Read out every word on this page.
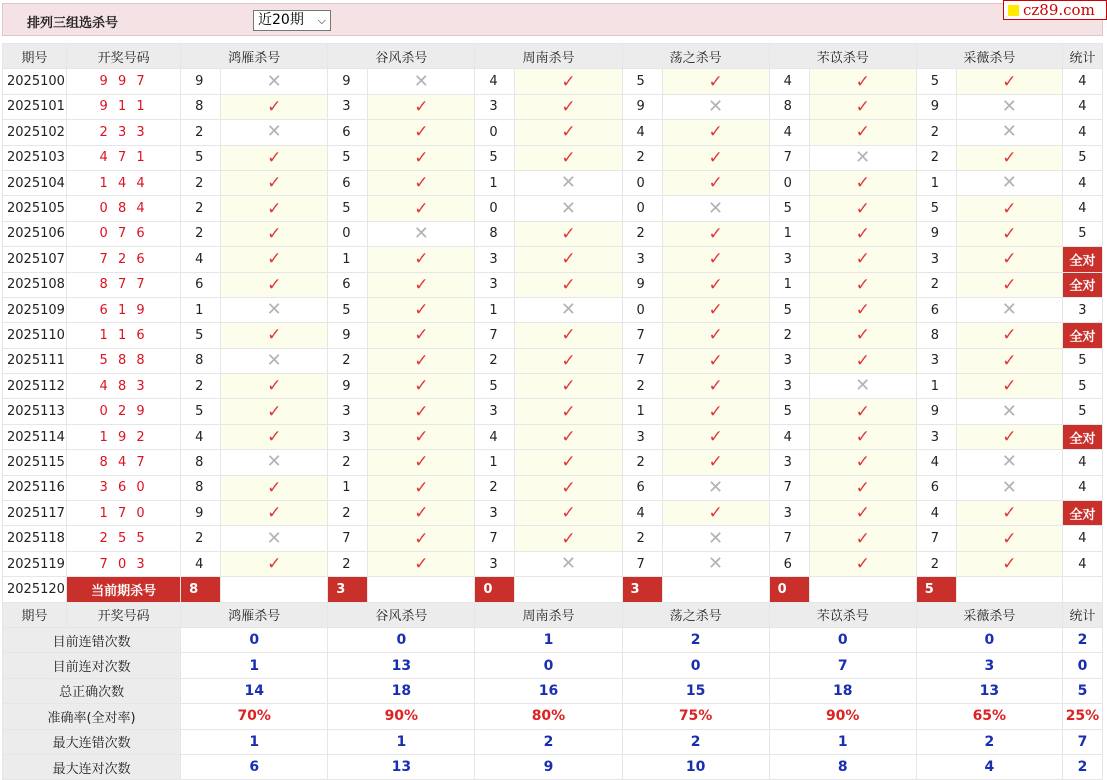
排列三组选杀号	近20期 ⌵
cz89.com
期号	开奖号码	鸿雁杀号		谷风杀号		周南杀号		荡之杀号		芣苡杀号		采薇杀号		统计
2025100	9 9 7	9	✕	9	✕	4	✓	5	✓	4	✓	5	✓	4
2025101	9 1 1	8	✓	3	✓	3	✓	9	✕	8	✓	9	✕	4
2025102	2 3 3	2	✕	6	✓	0	✓	4	✓	4	✓	2	✕	4
2025103	4 7 1	5	✓	5	✓	5	✓	2	✓	7	✕	2	✓	5
2025104	1 4 4	2	✓	6	✓	1	✕	0	✓	0	✓	1	✕	4
2025105	0 8 4	2	✓	5	✓	0	✕	0	✕	5	✓	5	✓	4
2025106	0 7 6	2	✓	0	✕	8	✓	2	✓	1	✓	9	✓	5
2025107	7 2 6	4	✓	1	✓	3	✓	3	✓	3	✓	3	✓	全对
2025108	8 7 7	6	✓	6	✓	3	✓	9	✓	1	✓	2	✓	全对
2025109	6 1 9	1	✕	5	✓	1	✕	0	✓	5	✓	6	✕	3
2025110	1 1 6	5	✓	9	✓	7	✓	7	✓	2	✓	8	✓	全对
2025111	5 8 8	8	✕	2	✓	2	✓	7	✓	3	✓	3	✓	5
2025112	4 8 3	2	✓	9	✓	5	✓	2	✓	3	✕	1	✓	5
2025113	0 2 9	5	✓	3	✓	3	✓	1	✓	5	✓	9	✕	5
2025114	1 9 2	4	✓	3	✓	4	✓	3	✓	4	✓	3	✓	全对
2025115	8 4 7	8	✕	2	✓	1	✓	2	✓	3	✓	4	✕	4
2025116	3 6 0	8	✓	1	✓	2	✓	6	✕	7	✓	6	✕	4
2025117	1 7 0	9	✓	2	✓	3	✓	4	✓	3	✓	4	✓	全对
2025118	2 5 5	2	✕	7	✓	7	✓	2	✕	7	✓	7	✓	4
2025119	7 0 3	4	✓	2	✓	3	✕	7	✕	6	✓	2	✓	4
2025120	当前期杀号	8		3		0		3		0		5		
期号	开奖号码	鸿雁杀号		谷风杀号		周南杀号		荡之杀号		芣苡杀号		采薇杀号		统计
目前连错次数		0		0		1		2		0		0		2
目前连对次数		1		13		0		0		7		3		0
总正确次数		14		18		16		15		18		13		5
准确率(全对率)		70%		90%		80%		75%		90%		65%		25%
最大连错次数		1		1		2		2		1		2		7
最大连对次数		6		13		9		10		8		4		2
